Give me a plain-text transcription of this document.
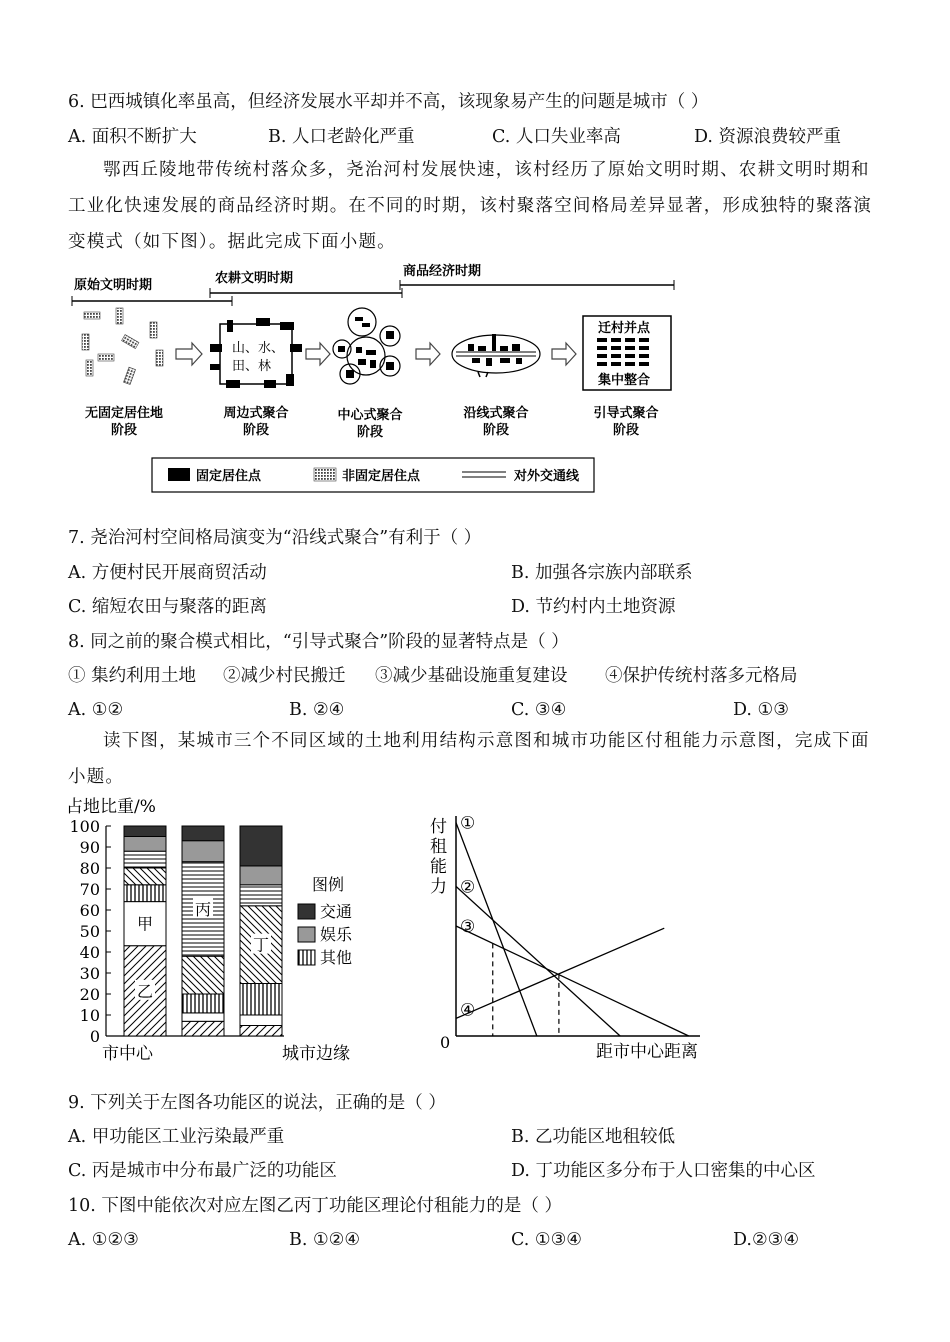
6. 巴西城镇化率虽高，但经济发展水平却并不高，该现象易产生的问题是城市（ ）
A. 面积不断扩大	B. 人口老龄化严重	C. 人口失业率高	D. 资源浪费较严重

鄂西丘陵地带传统村落众多，尧治河村发展快速，该村经历了原始文明时期、农耕文明时期和工业化快速发展的商品经济时期。在不同的时期，该村聚落空间格局差异显著，形成独特的聚落演变模式（如下图）。据此完成下面小题。

原始文明时期	农耕文明时期	商品经济时期
山、水、
田、林
迁村并点
集中整合
无固定居住地
阶段
周边式聚合
阶段
中心式聚合
阶段
沿线式聚合
阶段
引导式聚合
阶段
固定居住点	非固定居住点	对外交通线
7. 尧治河村空间格局演变为“沿线式聚合”有利于（ ）
A. 方便村民开展商贸活动	B. 加强各宗族内部联系
C. 缩短农田与聚落的距离	D. 节约村内土地资源
8. 同之前的聚合模式相比，“引导式聚合”阶段的显著特点是（ ）
① 集约利用土地 ②减少村民搬迁 ③减少基础设施重复建设 ④保护传统村落多元格局
A. ①②	B. ②④	C. ③④	D. ①③

读下图，某城市三个不同区域的土地利用结构示意图和城市功能区付租能力示意图，完成下面小题。

占地比重/%
0
10
20
30
40
50
60
70
80
90
100
乙
甲
丙
丁
市中心	城市边缘
图例
交通
娱乐
其他
付
租
能
力
0	距市中心距离
①
②
③
④
9. 下列关于左图各功能区的说法，正确的是（ ）
A. 甲功能区工业污染最严重	B. 乙功能区地租较低
C. 丙是城市中分布最广泛的功能区	D. 丁功能区多分布于人口密集的中心区
10. 下图中能依次对应左图乙丙丁功能区理论付租能力的是（ ）
A. ①②③	B. ①②④	C. ①③④	D.②③④
